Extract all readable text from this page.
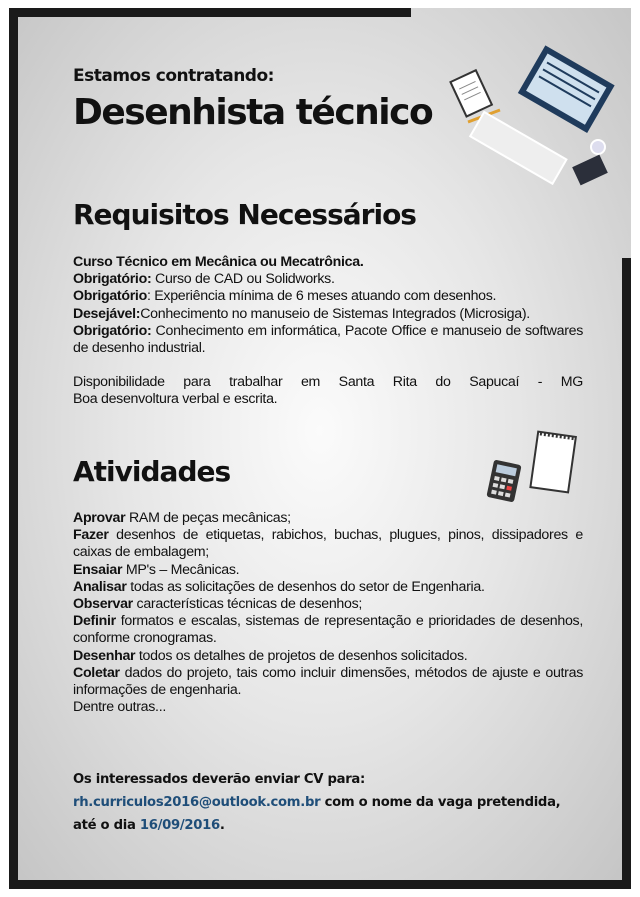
Estamos contratando:
Desenhista técnico
Requisitos Necessários
Curso Técnico em Mecânica ou Mecatrônica.
Obrigatório: Curso de CAD ou Solidworks.
Obrigatório: Experiência mínima de 6 meses atuando com desenhos.
Desejável:Conhecimento no manuseio de Sistemas Integrados (Microsiga).
Obrigatório: Conhecimento em informática, Pacote Office e manuseio de softwares de desenho industrial.
Disponibilidade para trabalhar em Santa Rita do Sapucaí - MG
Boa desenvoltura verbal e escrita.
Atividades
Aprovar RAM de peças mecânicas;
Fazer desenhos de etiquetas, rabichos, buchas, plugues, pinos, dissipadores e caixas de embalagem;
Ensaiar MP's – Mecânicas.
Analisar todas as solicitações de desenhos do setor de Engenharia.
Observar características técnicas de desenhos;
Definir formatos e escalas, sistemas de representação e prioridades de desenhos, conforme cronogramas.
Desenhar todos os detalhes de projetos de desenhos solicitados.
Coletar dados do projeto, tais como incluir dimensões, métodos de ajuste e outras informações de engenharia.
Dentre outras...
Os interessados deverão enviar CV para:
rh.curriculos2016@outlook.com.br com o nome da vaga pretendida, até o dia 16/09/2016.
